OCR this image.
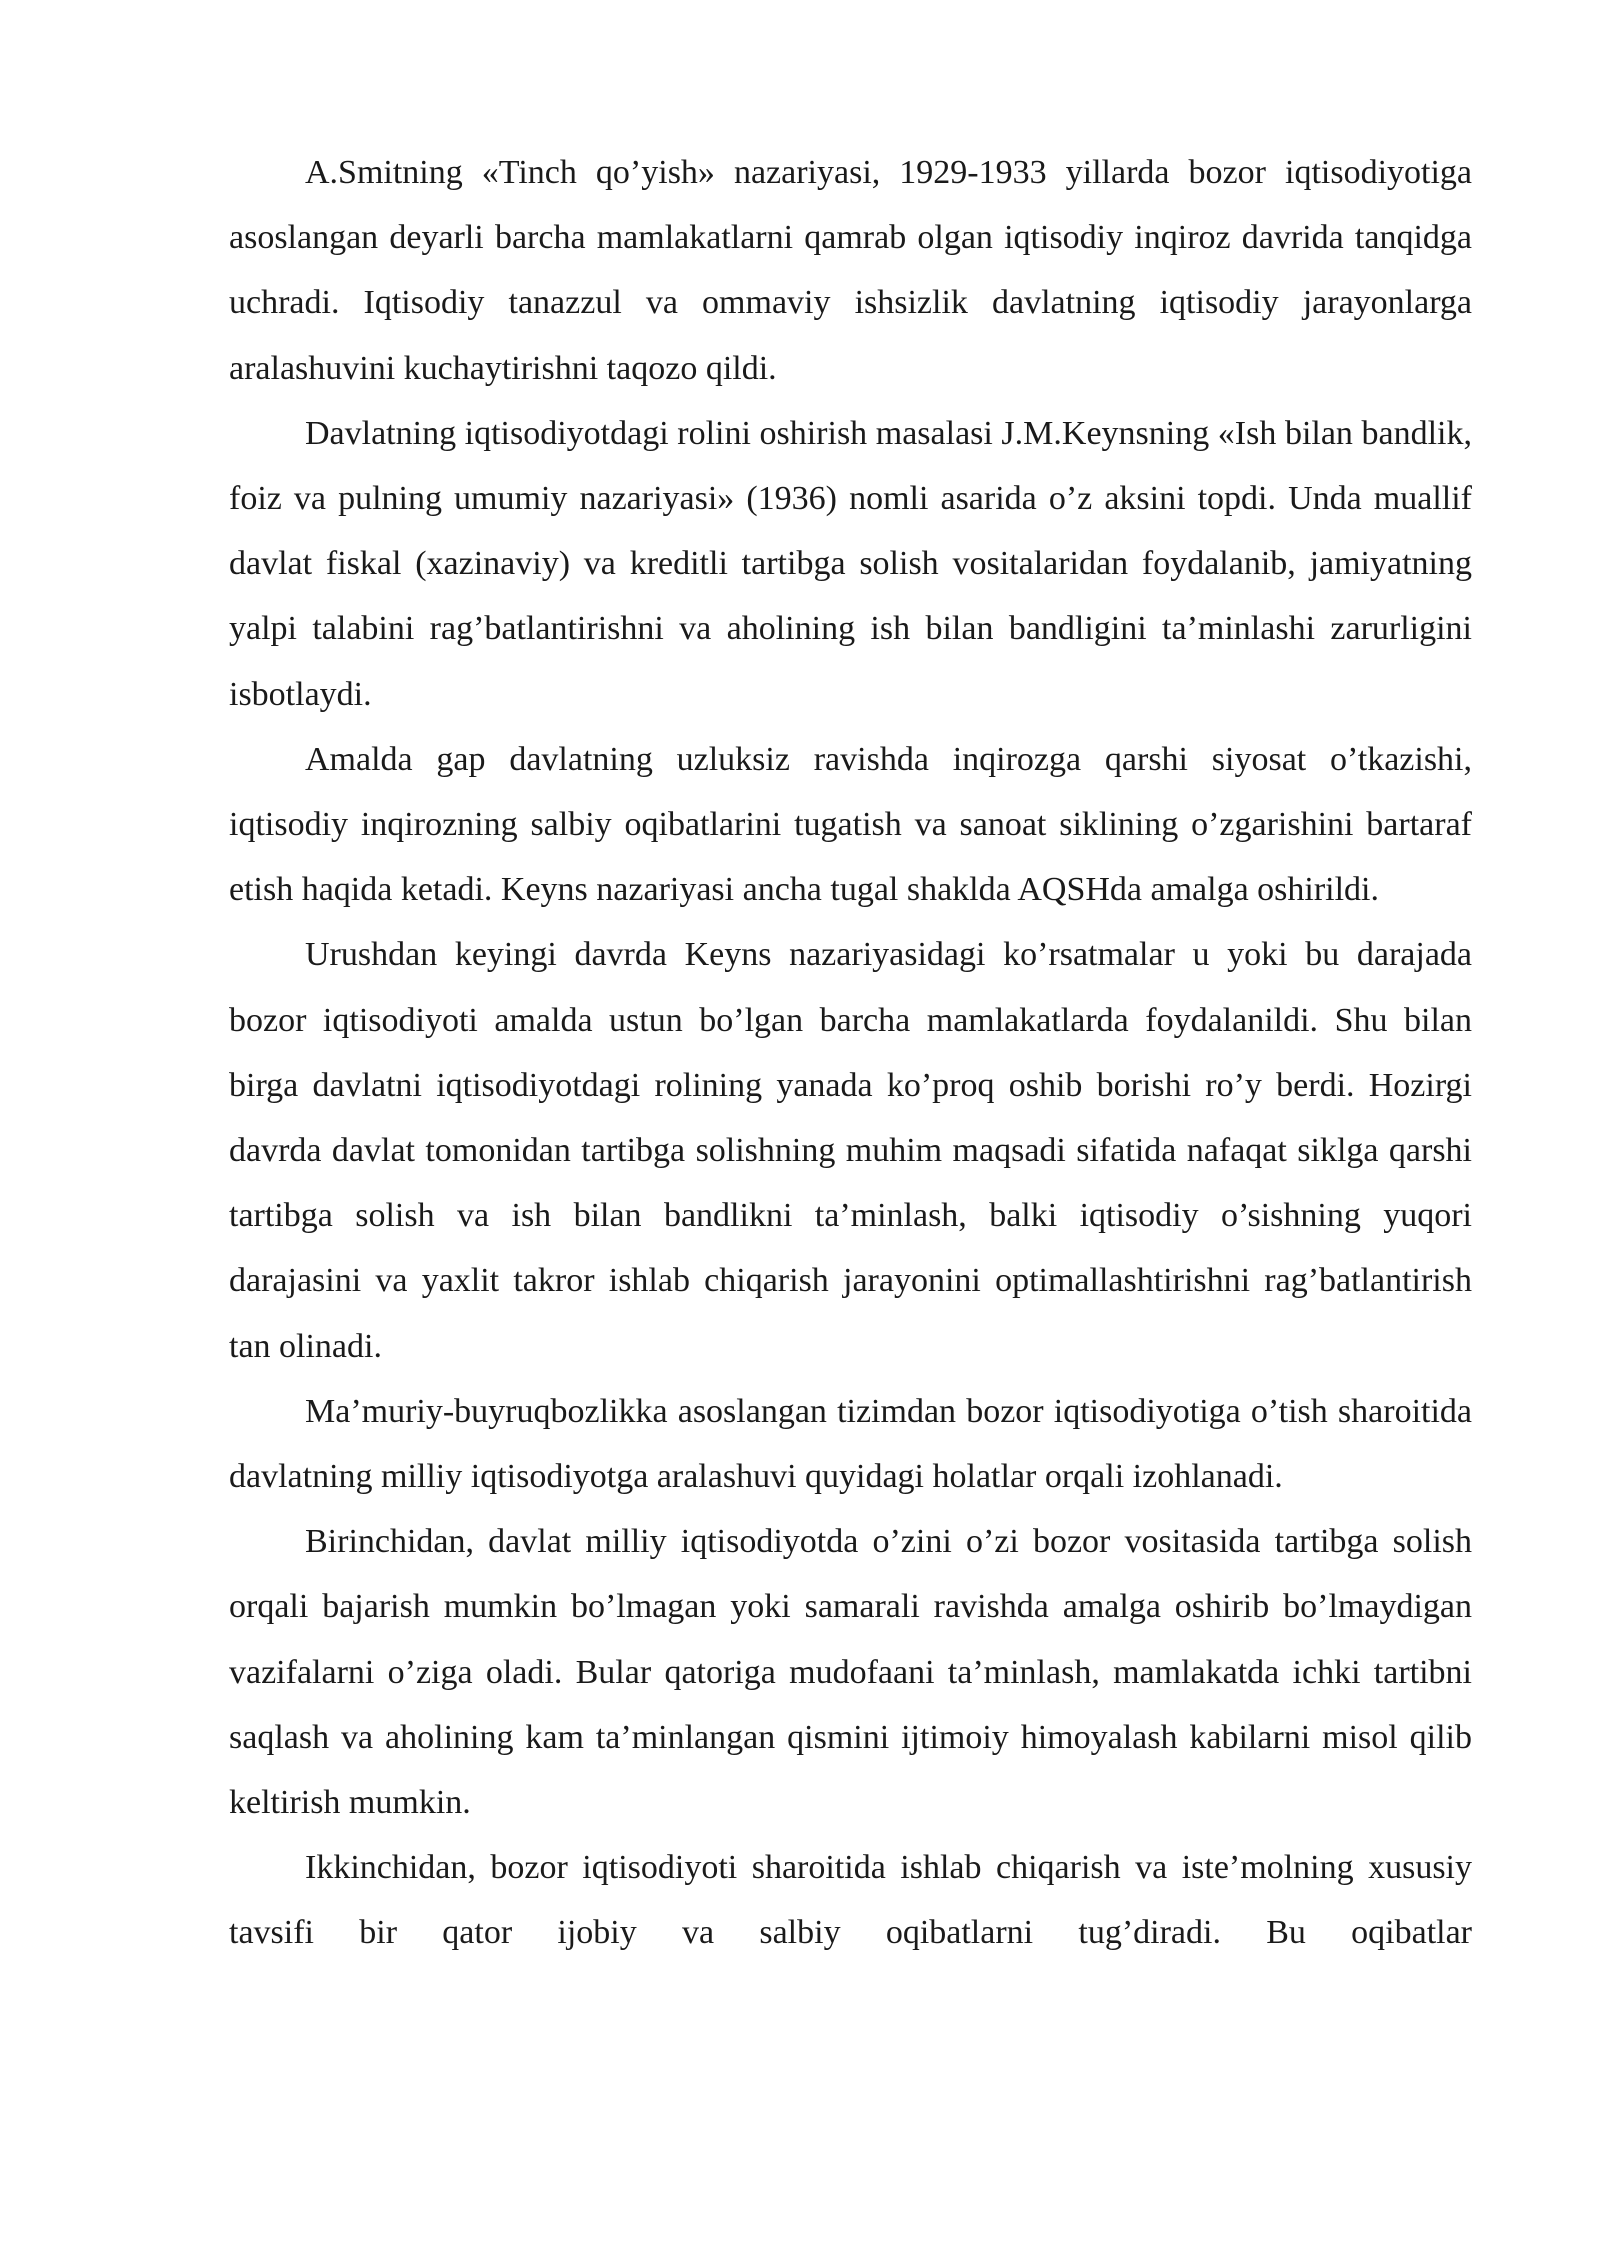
A.Smitning «Tinch qo’yish» nazariyasi, 1929-1933 yillarda bozor iqtisodiyotiga asoslangan deyarli barcha mamlakatlarni qamrab olgan iqtisodiy inqiroz davrida tanqidga uchradi. Iqtisodiy tanazzul va ommaviy ishsizlik davlatning iqtisodiy jarayonlarga aralashuvini kuchaytirishni taqozo qildi.

Davlatning iqtisodiyotdagi rolini oshirish masalasi J.M.Keynsning «Ish bilan bandlik, foiz va pulning umumiy nazariyasi» (1936) nomli asarida o’z aksini topdi. Unda muallif davlat fiskal (xazinaviy) va kreditli tartibga solish vositalaridan foydalanib, jamiyatning yalpi talabini rag’batlantirishni va aholining ish bilan bandligini ta’minlashi zarurligini isbotlaydi.

Amalda gap davlatning uzluksiz ravishda inqirozga qarshi siyosat o’tkazishi, iqtisodiy inqirozning salbiy oqibatlarini tugatish va sanoat siklining o’zgarishini bartaraf etish haqida ketadi. Keyns nazariyasi ancha tugal shaklda AQSHda amalga oshirildi.

Urushdan keyingi davrda Keyns nazariyasidagi ko’rsatmalar u yoki bu darajada bozor iqtisodiyoti amalda ustun bo’lgan barcha mamlakatlarda foydalanildi. Shu bilan birga davlatni iqtisodiyotdagi rolining yanada ko’proq oshib borishi ro’y berdi. Hozirgi davrda davlat tomonidan tartibga solishning muhim maqsadi sifatida nafaqat siklga qarshi tartibga solish va ish bilan bandlikni ta’minlash, balki iqtisodiy o’sishning yuqori darajasini va yaxlit takror ishlab chiqarish jarayonini optimallashtirishni rag’batlantirish tan olinadi.

Ma’muriy-buyruqbozlikka asoslangan tizimdan bozor iqtisodiyotiga o’tish sharoitida davlatning milliy iqtisodiyotga aralashuvi quyidagi holatlar orqali izohlanadi.

Birinchidan, davlat milliy iqtisodiyotda o’zini o’zi bozor vositasida tartibga solish orqali bajarish mumkin bo’lmagan yoki samarali ravishda amalga oshirib bo’lmaydigan vazifalarni o’ziga oladi. Bular qatoriga mudofaani ta’minlash, mamlakatda ichki tartibni saqlash va aholining kam ta’minlangan qismini ijtimoiy himoyalash kabilarni misol qilib keltirish mumkin.

Ikkinchidan, bozor iqtisodiyoti sharoitida ishlab chiqarish va iste’molning xususiy tavsifi bir qator ijobiy va salbiy oqibatlarni tug’diradi. Bu oqibatlar
